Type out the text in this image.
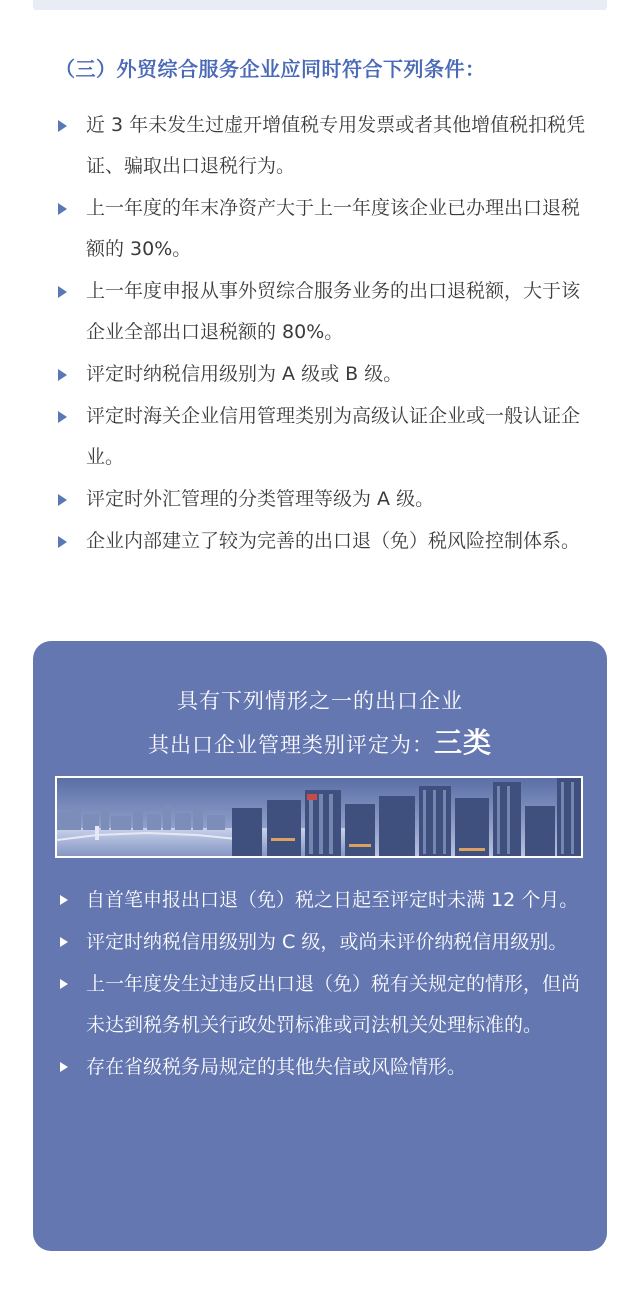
（三）外贸综合服务企业应同时符合下列条件：
近 3 年未发生过虚开增值税专用发票或者其他增值税扣税凭证、骗取出口退税行为。
上一年度的年末净资产大于上一年度该企业已办理出口退税额的 30%。
上一年度申报从事外贸综合服务业务的出口退税额，大于该企业全部出口退税额的 80%。
评定时纳税信用级别为 A 级或 B 级。
评定时海关企业信用管理类别为高级认证企业或一般认证企业。
评定时外汇管理的分类管理等级为 A 级。
企业内部建立了较为完善的出口退（免）税风险控制体系。
具有下列情形之一的出口企业
其出口企业管理类别评定为：三类
自首笔申报出口退（免）税之日起至评定时未满 12 个月。
评定时纳税信用级别为 C 级，或尚未评价纳税信用级别。
上一年度发生过违反出口退（免）税有关规定的情形，但尚未达到税务机关行政处罚标准或司法机关处理标准的。
存在省级税务局规定的其他失信或风险情形。
